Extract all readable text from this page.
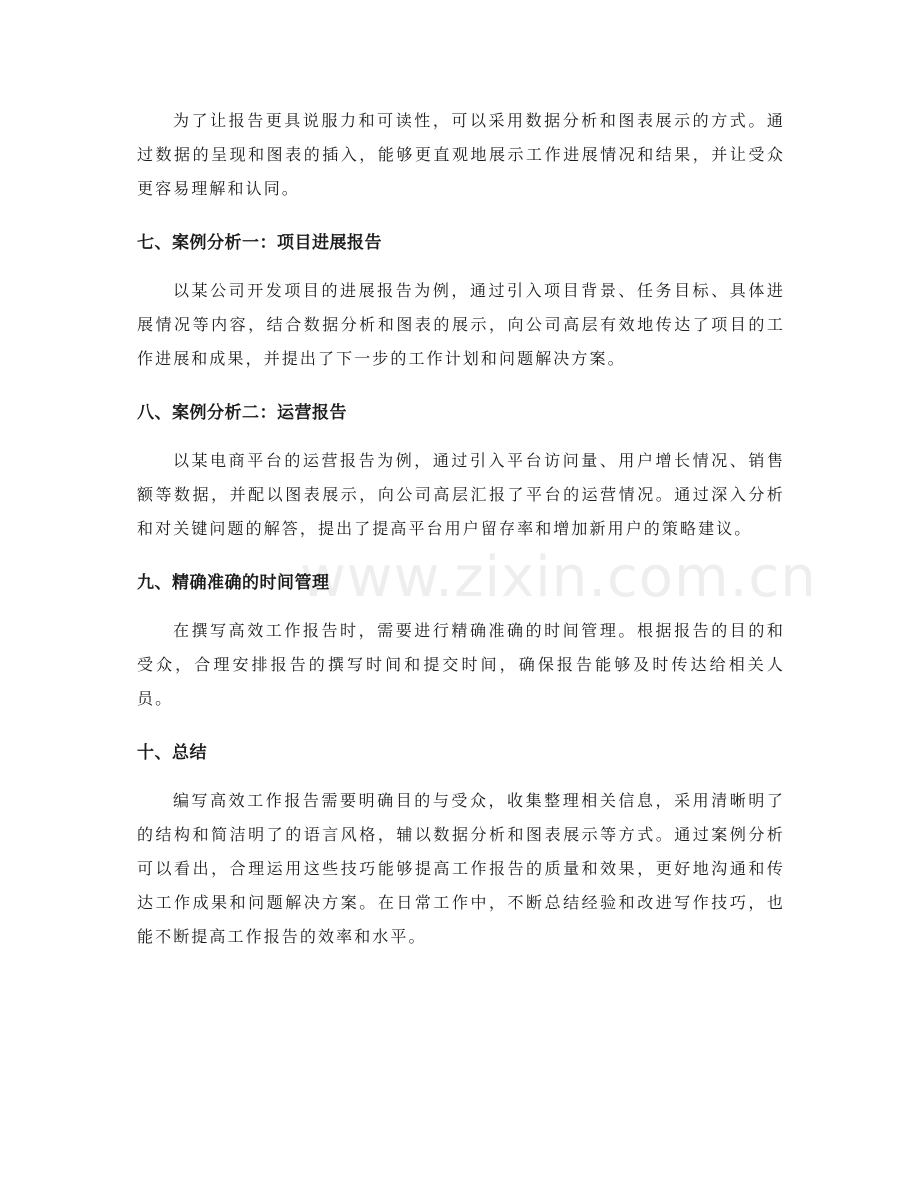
www.zixin.com.cn

为了让报告更具说服力和可读性，可以采用数据分析和图表展示的方式。通过数据的呈现和图表的插入，能够更直观地展示工作进展情况和结果，并让受众更容易理解和认同。

七、案例分析一：项目进展报告

以某公司开发项目的进展报告为例，通过引入项目背景、任务目标、具体进展情况等内容，结合数据分析和图表的展示，向公司高层有效地传达了项目的工作进展和成果，并提出了下一步的工作计划和问题解决方案。

八、案例分析二：运营报告

以某电商平台的运营报告为例，通过引入平台访问量、用户增长情况、销售额等数据，并配以图表展示，向公司高层汇报了平台的运营情况。通过深入分析和对关键问题的解答，提出了提高平台用户留存率和增加新用户的策略建议。

九、精确准确的时间管理

在撰写高效工作报告时，需要进行精确准确的时间管理。根据报告的目的和受众，合理安排报告的撰写时间和提交时间，确保报告能够及时传达给相关人员。

十、总结

编写高效工作报告需要明确目的与受众，收集整理相关信息，采用清晰明了的结构和简洁明了的语言风格，辅以数据分析和图表展示等方式。通过案例分析可以看出，合理运用这些技巧能够提高工作报告的质量和效果，更好地沟通和传达工作成果和问题解决方案。在日常工作中，不断总结经验和改进写作技巧，也能不断提高工作报告的效率和水平。
